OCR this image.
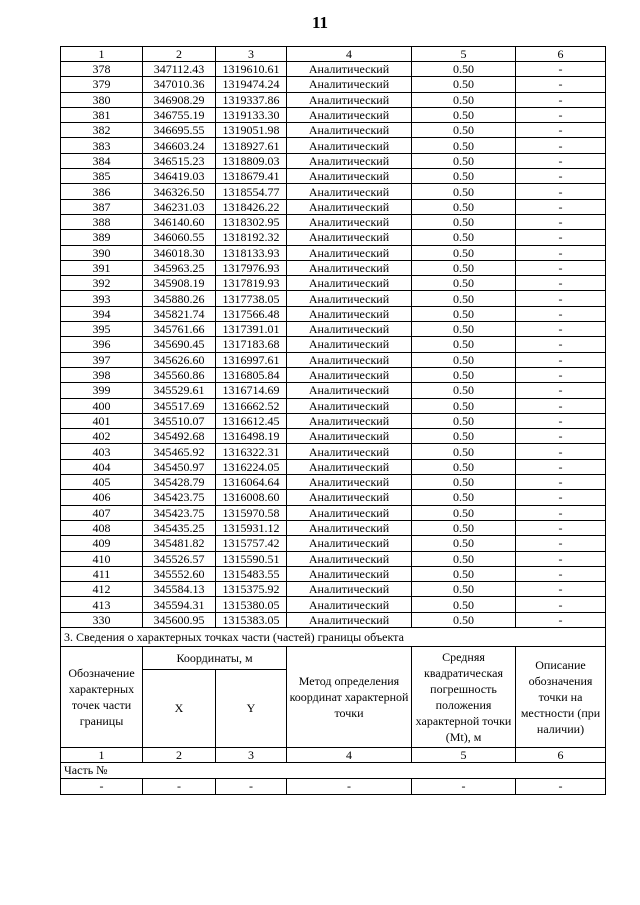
11
1	2	3	4	5	6
378	347112.43	1319610.61	Аналитический	0.50	-
379	347010.36	1319474.24	Аналитический	0.50	-
380	346908.29	1319337.86	Аналитический	0.50	-
381	346755.19	1319133.30	Аналитический	0.50	-
382	346695.55	1319051.98	Аналитический	0.50	-
383	346603.24	1318927.61	Аналитический	0.50	-
384	346515.23	1318809.03	Аналитический	0.50	-
385	346419.03	1318679.41	Аналитический	0.50	-
386	346326.50	1318554.77	Аналитический	0.50	-
387	346231.03	1318426.22	Аналитический	0.50	-
388	346140.60	1318302.95	Аналитический	0.50	-
389	346060.55	1318192.32	Аналитический	0.50	-
390	346018.30	1318133.93	Аналитический	0.50	-
391	345963.25	1317976.93	Аналитический	0.50	-
392	345908.19	1317819.93	Аналитический	0.50	-
393	345880.26	1317738.05	Аналитический	0.50	-
394	345821.74	1317566.48	Аналитический	0.50	-
395	345761.66	1317391.01	Аналитический	0.50	-
396	345690.45	1317183.68	Аналитический	0.50	-
397	345626.60	1316997.61	Аналитический	0.50	-
398	345560.86	1316805.84	Аналитический	0.50	-
399	345529.61	1316714.69	Аналитический	0.50	-
400	345517.69	1316662.52	Аналитический	0.50	-
401	345510.07	1316612.45	Аналитический	0.50	-
402	345492.68	1316498.19	Аналитический	0.50	-
403	345465.92	1316322.31	Аналитический	0.50	-
404	345450.97	1316224.05	Аналитический	0.50	-
405	345428.79	1316064.64	Аналитический	0.50	-
406	345423.75	1316008.60	Аналитический	0.50	-
407	345423.75	1315970.58	Аналитический	0.50	-
408	345435.25	1315931.12	Аналитический	0.50	-
409	345481.82	1315757.42	Аналитический	0.50	-
410	345526.57	1315590.51	Аналитический	0.50	-
411	345552.60	1315483.55	Аналитический	0.50	-
412	345584.13	1315375.92	Аналитический	0.50	-
413	345594.31	1315380.05	Аналитический	0.50	-
330	345600.95	1315383.05	Аналитический	0.50	-
3. Сведения о характерных точках части (частей) границы объекта					
Обозначение характерных точек части границы	Координаты, м		Метод определения координат характерной точки	Средняя квадратическая погрешность положения характерной точки (Mt), м	Описание обозначения точки на местности (при наличии)
	X	Y			
1	2	3	4	5	6
Часть №					
-	-	-	-	-	-
